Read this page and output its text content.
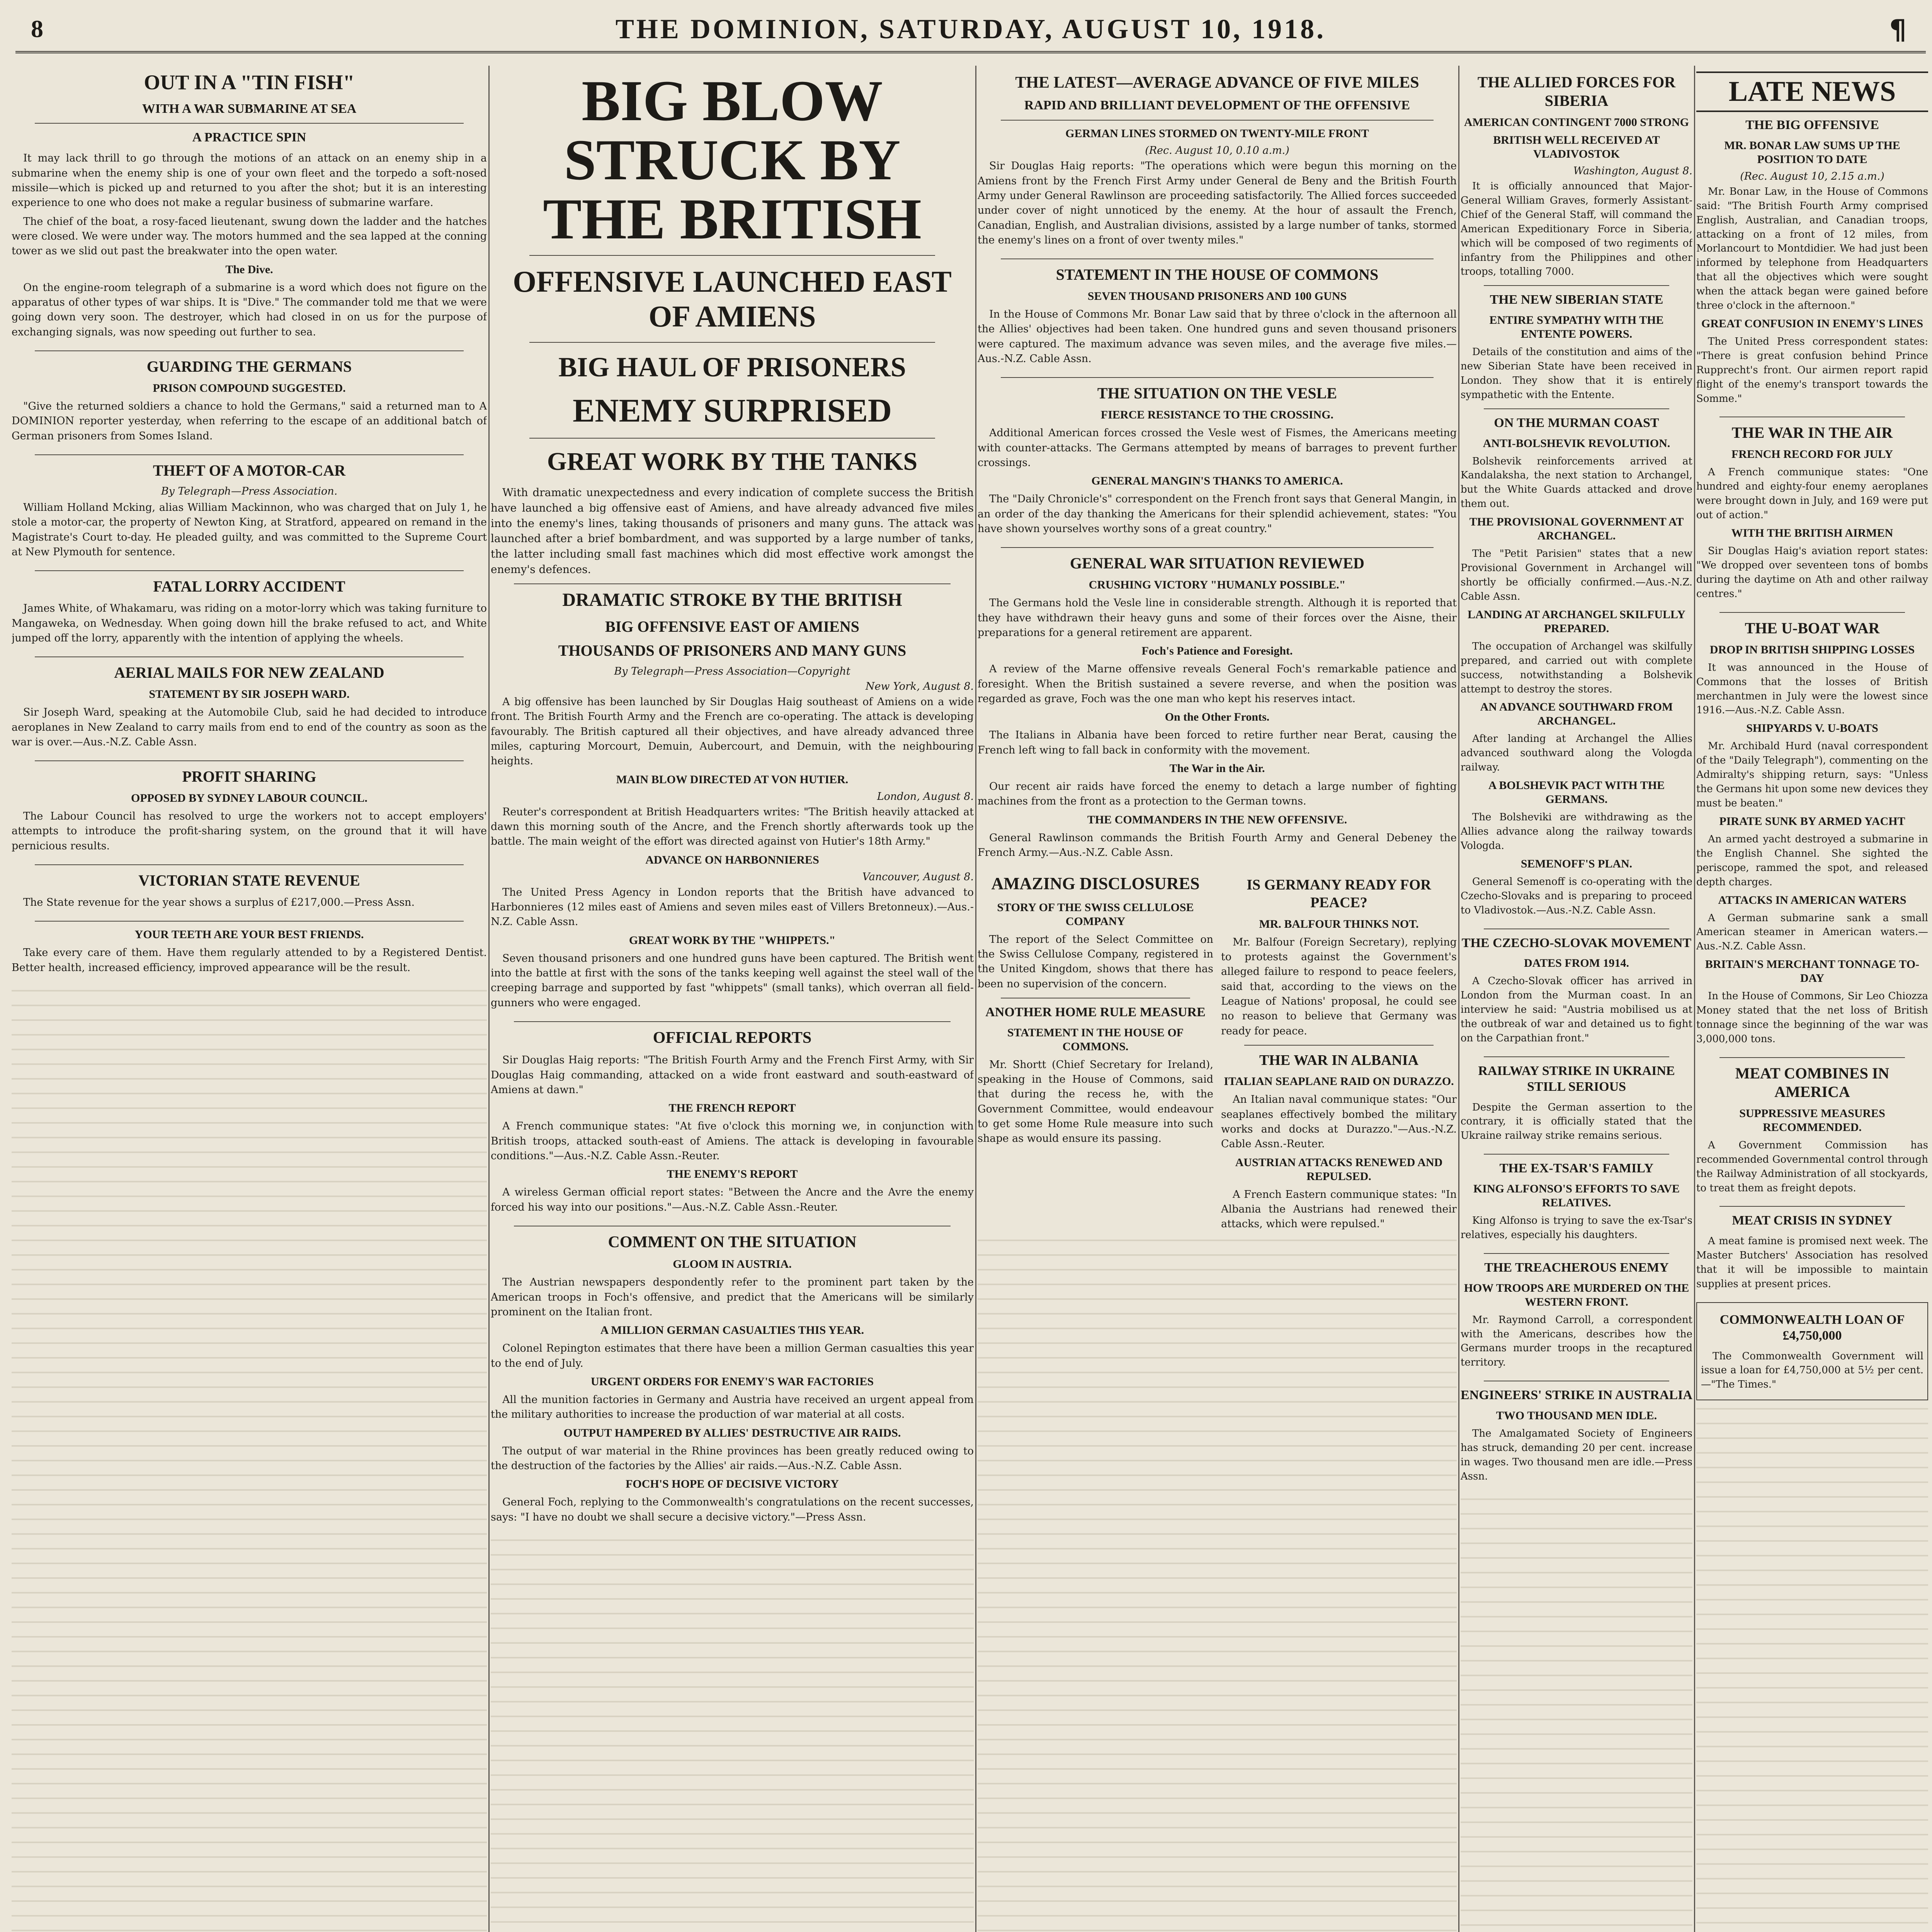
8	THE DOMINION, SATURDAY, AUGUST 10, 1918.	¶
OUT IN A "TIN FISH"
WITH A WAR SUBMARINE AT SEA
A PRACTICE SPIN

It may lack thrill to go through the motions of an attack on an enemy ship in a submarine when the enemy ship is one of your own fleet and the torpedo a soft-nosed missile—which is picked up and returned to you after the shot; but it is an interesting experience to one who does not make a regular business of submarine warfare.

The chief of the boat, a rosy-faced lieutenant, swung down the ladder and the hatches were closed. We were under way. The motors hummed and the sea lapped at the conning tower as we slid out past the breakwater into the open water.

The Dive.

On the engine-room telegraph of a submarine is a word which does not figure on the apparatus of other types of war ships. It is "Dive." The commander told me that we were going down very soon. The destroyer, which had closed in on us for the purpose of exchanging signals, was now speeding out further to sea.

GUARDING THE GERMANS
PRISON COMPOUND SUGGESTED.

"Give the returned soldiers a chance to hold the Germans," said a returned man to A DOMINION reporter yesterday, when referring to the escape of an additional batch of German prisoners from Somes Island.

THEFT OF A MOTOR-CAR
By Telegraph—Press Association.

William Holland Mcking, alias William Mackinnon, who was charged that on July 1, he stole a motor-car, the property of Newton King, at Stratford, appeared on remand in the Magistrate's Court to-day. He pleaded guilty, and was committed to the Supreme Court at New Plymouth for sentence.

FATAL LORRY ACCIDENT

James White, of Whakamaru, was riding on a motor-lorry which was taking furniture to Mangaweka, on Wednesday. When going down hill the brake refused to act, and White jumped off the lorry, apparently with the intention of applying the wheels.

AERIAL MAILS FOR NEW ZEALAND
STATEMENT BY SIR JOSEPH WARD.

Sir Joseph Ward, speaking at the Automobile Club, said he had decided to introduce aeroplanes in New Zealand to carry mails from end to end of the country as soon as the war is over.—Aus.-N.Z. Cable Assn.

PROFIT SHARING
OPPOSED BY SYDNEY LABOUR COUNCIL.

The Labour Council has resolved to urge the workers not to accept employers' attempts to introduce the profit-sharing system, on the ground that it will have pernicious results.

VICTORIAN STATE REVENUE

The State revenue for the year shows a surplus of £217,000.—Press Assn.

YOUR TEETH ARE YOUR BEST FRIENDS.

Take every care of them. Have them regularly attended to by a Registered Dentist. Better health, increased efficiency, improved appearance will be the result.

BIG BLOW STRUCK BY THE BRITISH
OFFENSIVE LAUNCHED EAST OF AMIENS
BIG HAUL OF PRISONERS
ENEMY SURPRISED
GREAT WORK BY THE TANKS

With dramatic unexpectedness and every indication of complete success the British have launched a big offensive east of Amiens, and have already advanced five miles into the enemy's lines, taking thousands of prisoners and many guns. The attack was launched after a brief bombardment, and was supported by a large number of tanks, the latter including small fast machines which did most effective work amongst the enemy's defences.

DRAMATIC STROKE BY THE BRITISH
BIG OFFENSIVE EAST OF AMIENS
THOUSANDS OF PRISONERS AND MANY GUNS
By Telegraph—Press Association—Copyright
New York, August 8.

A big offensive has been launched by Sir Douglas Haig southeast of Amiens on a wide front. The British Fourth Army and the French are co-operating. The attack is developing favourably. The British captured all their objectives, and have already advanced three miles, capturing Morcourt, Demuin, Aubercourt, and Demuin, with the neighbouring heights.

MAIN BLOW DIRECTED AT VON HUTIER.
London, August 8.

Reuter's correspondent at British Headquarters writes: "The British heavily attacked at dawn this morning south of the Ancre, and the French shortly afterwards took up the battle. The main weight of the effort was directed against von Hutier's 18th Army."

ADVANCE ON HARBONNIERES
Vancouver, August 8.

The United Press Agency in London reports that the British have advanced to Harbonnieres (12 miles east of Amiens and seven miles east of Villers Bretonneux).—Aus.-N.Z. Cable Assn.

GREAT WORK BY THE "WHIPPETS."

Seven thousand prisoners and one hundred guns have been captured. The British went into the battle at first with the sons of the tanks keeping well against the steel wall of the creeping barrage and supported by fast "whippets" (small tanks), which overran all field-gunners who were engaged.

OFFICIAL REPORTS

Sir Douglas Haig reports: "The British Fourth Army and the French First Army, with Sir Douglas Haig commanding, attacked on a wide front eastward and south-eastward of Amiens at dawn."

THE FRENCH REPORT

A French communique states: "At five o'clock this morning we, in conjunction with British troops, attacked south-east of Amiens. The attack is developing in favourable conditions."—Aus.-N.Z. Cable Assn.-Reuter.

THE ENEMY'S REPORT

A wireless German official report states: "Between the Ancre and the Avre the enemy forced his way into our positions."—Aus.-N.Z. Cable Assn.-Reuter.

COMMENT ON THE SITUATION
GLOOM IN AUSTRIA.

The Austrian newspapers despondently refer to the prominent part taken by the American troops in Foch's offensive, and predict that the Americans will be similarly prominent on the Italian front.

A MILLION GERMAN CASUALTIES THIS YEAR.

Colonel Repington estimates that there have been a million German casualties this year to the end of July.

URGENT ORDERS FOR ENEMY'S WAR FACTORIES

All the munition factories in Germany and Austria have received an urgent appeal from the military authorities to increase the production of war material at all costs.

OUTPUT HAMPERED BY ALLIES' DESTRUCTIVE AIR RAIDS.

The output of war material in the Rhine provinces has been greatly reduced owing to the destruction of the factories by the Allies' air raids.—Aus.-N.Z. Cable Assn.

FOCH'S HOPE OF DECISIVE VICTORY

General Foch, replying to the Commonwealth's congratulations on the recent successes, says: "I have no doubt we shall secure a decisive victory."—Press Assn.

THE LATEST—AVERAGE ADVANCE OF FIVE MILES
RAPID AND BRILLIANT DEVELOPMENT OF THE OFFENSIVE
GERMAN LINES STORMED ON TWENTY-MILE FRONT
(Rec. August 10, 0.10 a.m.)

Sir Douglas Haig reports: "The operations which were begun this morning on the Amiens front by the French First Army under General de Beny and the British Fourth Army under General Rawlinson are proceeding satisfactorily. The Allied forces succeeded under cover of night unnoticed by the enemy. At the hour of assault the French, Canadian, English, and Australian divisions, assisted by a large number of tanks, stormed the enemy's lines on a front of over twenty miles."

STATEMENT IN THE HOUSE OF COMMONS
SEVEN THOUSAND PRISONERS AND 100 GUNS

In the House of Commons Mr. Bonar Law said that by three o'clock in the afternoon all the Allies' objectives had been taken. One hundred guns and seven thousand prisoners were captured. The maximum advance was seven miles, and the average five miles.—Aus.-N.Z. Cable Assn.

THE SITUATION ON THE VESLE
FIERCE RESISTANCE TO THE CROSSING.

Additional American forces crossed the Vesle west of Fismes, the Americans meeting with counter-attacks. The Germans attempted by means of barrages to prevent further crossings.

GENERAL MANGIN'S THANKS TO AMERICA.

The "Daily Chronicle's" correspondent on the French front says that General Mangin, in an order of the day thanking the Americans for their splendid achievement, states: "You have shown yourselves worthy sons of a great country."

GENERAL WAR SITUATION REVIEWED
CRUSHING VICTORY "HUMANLY POSSIBLE."

The Germans hold the Vesle line in considerable strength. Although it is reported that they have withdrawn their heavy guns and some of their forces over the Aisne, their preparations for a general retirement are apparent.

Foch's Patience and Foresight.

A review of the Marne offensive reveals General Foch's remarkable patience and foresight. When the British sustained a severe reverse, and when the position was regarded as grave, Foch was the one man who kept his reserves intact.

On the Other Fronts.

The Italians in Albania have been forced to retire further near Berat, causing the French left wing to fall back in conformity with the movement.

The War in the Air.

Our recent air raids have forced the enemy to detach a large number of fighting machines from the front as a protection to the German towns.

THE COMMANDERS IN THE NEW OFFENSIVE.

General Rawlinson commands the British Fourth Army and General Debeney the French Army.—Aus.-N.Z. Cable Assn.

AMAZING DISCLOSURES
STORY OF THE SWISS CELLULOSE COMPANY

The report of the Select Committee on the Swiss Cellulose Company, registered in the United Kingdom, shows that there has been no supervision of the concern.

ANOTHER HOME RULE MEASURE
STATEMENT IN THE HOUSE OF COMMONS.

Mr. Shortt (Chief Secretary for Ireland), speaking in the House of Commons, said that during the recess he, with the Government Committee, would endeavour to get some Home Rule measure into such shape as would ensure its passing.

IS GERMANY READY FOR PEACE?
MR. BALFOUR THINKS NOT.

Mr. Balfour (Foreign Secretary), replying to protests against the Government's alleged failure to respond to peace feelers, said that, according to the views on the League of Nations' proposal, he could see no reason to believe that Germany was ready for peace.

THE WAR IN ALBANIA
ITALIAN SEAPLANE RAID ON DURAZZO.

An Italian naval communique states: "Our seaplanes effectively bombed the military works and docks at Durazzo."—Aus.-N.Z. Cable Assn.-Reuter.

AUSTRIAN ATTACKS RENEWED AND REPULSED.

A French Eastern communique states: "In Albania the Austrians had renewed their attacks, which were repulsed."

THE ALLIED FORCES FOR SIBERIA
AMERICAN CONTINGENT 7000 STRONG
BRITISH WELL RECEIVED AT VLADIVOSTOK
Washington, August 8.

It is officially announced that Major-General William Graves, formerly Assistant-Chief of the General Staff, will command the American Expeditionary Force in Siberia, which will be composed of two regiments of infantry from the Philippines and other troops, totalling 7000.

THE NEW SIBERIAN STATE
ENTIRE SYMPATHY WITH THE ENTENTE POWERS.

Details of the constitution and aims of the new Siberian State have been received in London. They show that it is entirely sympathetic with the Entente.

ON THE MURMAN COAST
ANTI-BOLSHEVIK REVOLUTION.

Bolshevik reinforcements arrived at Kandalaksha, the next station to Archangel, but the White Guards attacked and drove them out.

THE PROVISIONAL GOVERNMENT AT ARCHANGEL.

The "Petit Parisien" states that a new Provisional Government in Archangel will shortly be officially confirmed.—Aus.-N.Z. Cable Assn.

LANDING AT ARCHANGEL SKILFULLY PREPARED.

The occupation of Archangel was skilfully prepared, and carried out with complete success, notwithstanding a Bolshevik attempt to destroy the stores.

AN ADVANCE SOUTHWARD FROM ARCHANGEL.

After landing at Archangel the Allies advanced southward along the Vologda railway.

A BOLSHEVIK PACT WITH THE GERMANS.

The Bolsheviki are withdrawing as the Allies advance along the railway towards Vologda.

SEMENOFF'S PLAN.

General Semenoff is co-operating with the Czecho-Slovaks and is preparing to proceed to Vladivostok.—Aus.-N.Z. Cable Assn.

THE CZECHO-SLOVAK MOVEMENT
DATES FROM 1914.

A Czecho-Slovak officer has arrived in London from the Murman coast. In an interview he said: "Austria mobilised us at the outbreak of war and detained us to fight on the Carpathian front."

RAILWAY STRIKE IN UKRAINE STILL SERIOUS

Despite the German assertion to the contrary, it is officially stated that the Ukraine railway strike remains serious.

THE EX-TSAR'S FAMILY
KING ALFONSO'S EFFORTS TO SAVE RELATIVES.

King Alfonso is trying to save the ex-Tsar's relatives, especially his daughters.

THE TREACHEROUS ENEMY
HOW TROOPS ARE MURDERED ON THE WESTERN FRONT.

Mr. Raymond Carroll, a correspondent with the Americans, describes how the Germans murder troops in the recaptured territory.

ENGINEERS' STRIKE IN AUSTRALIA
TWO THOUSAND MEN IDLE.

The Amalgamated Society of Engineers has struck, demanding 20 per cent. increase in wages. Two thousand men are idle.—Press Assn.

LATE NEWS
THE BIG OFFENSIVE
MR. BONAR LAW SUMS UP THE POSITION TO DATE
(Rec. August 10, 2.15 a.m.)

Mr. Bonar Law, in the House of Commons said: "The British Fourth Army comprised English, Australian, and Canadian troops, attacking on a front of 12 miles, from Morlancourt to Montdidier. We had just been informed by telephone from Headquarters that all the objectives which were sought when the attack began were gained before three o'clock in the afternoon."

GREAT CONFUSION IN ENEMY'S LINES

The United Press correspondent states: "There is great confusion behind Prince Rupprecht's front. Our airmen report rapid flight of the enemy's transport towards the Somme."

THE WAR IN THE AIR
FRENCH RECORD FOR JULY

A French communique states: "One hundred and eighty-four enemy aeroplanes were brought down in July, and 169 were put out of action."

WITH THE BRITISH AIRMEN

Sir Douglas Haig's aviation report states: "We dropped over seventeen tons of bombs during the daytime on Ath and other railway centres."

THE U-BOAT WAR
DROP IN BRITISH SHIPPING LOSSES

It was announced in the House of Commons that the losses of British merchantmen in July were the lowest since 1916.—Aus.-N.Z. Cable Assn.

SHIPYARDS V. U-BOATS

Mr. Archibald Hurd (naval correspondent of the "Daily Telegraph"), commenting on the Admiralty's shipping return, says: "Unless the Germans hit upon some new devices they must be beaten."

PIRATE SUNK BY ARMED YACHT

An armed yacht destroyed a submarine in the English Channel. She sighted the periscope, rammed the spot, and released depth charges.

ATTACKS IN AMERICAN WATERS

A German submarine sank a small American steamer in American waters.—Aus.-N.Z. Cable Assn.

BRITAIN'S MERCHANT TONNAGE TO-DAY

In the House of Commons, Sir Leo Chiozza Money stated that the net loss of British tonnage since the beginning of the war was 3,000,000 tons.

MEAT COMBINES IN AMERICA
SUPPRESSIVE MEASURES RECOMMENDED.

A Government Commission has recommended Governmental control through the Railway Administration of all stockyards, to treat them as freight depots.

MEAT CRISIS IN SYDNEY

A meat famine is promised next week. The Master Butchers' Association has resolved that it will be impossible to maintain supplies at present prices.

COMMONWEALTH LOAN OF £4,750,000

The Commonwealth Government will issue a loan for £4,750,000 at 5½ per cent.—"The Times."
